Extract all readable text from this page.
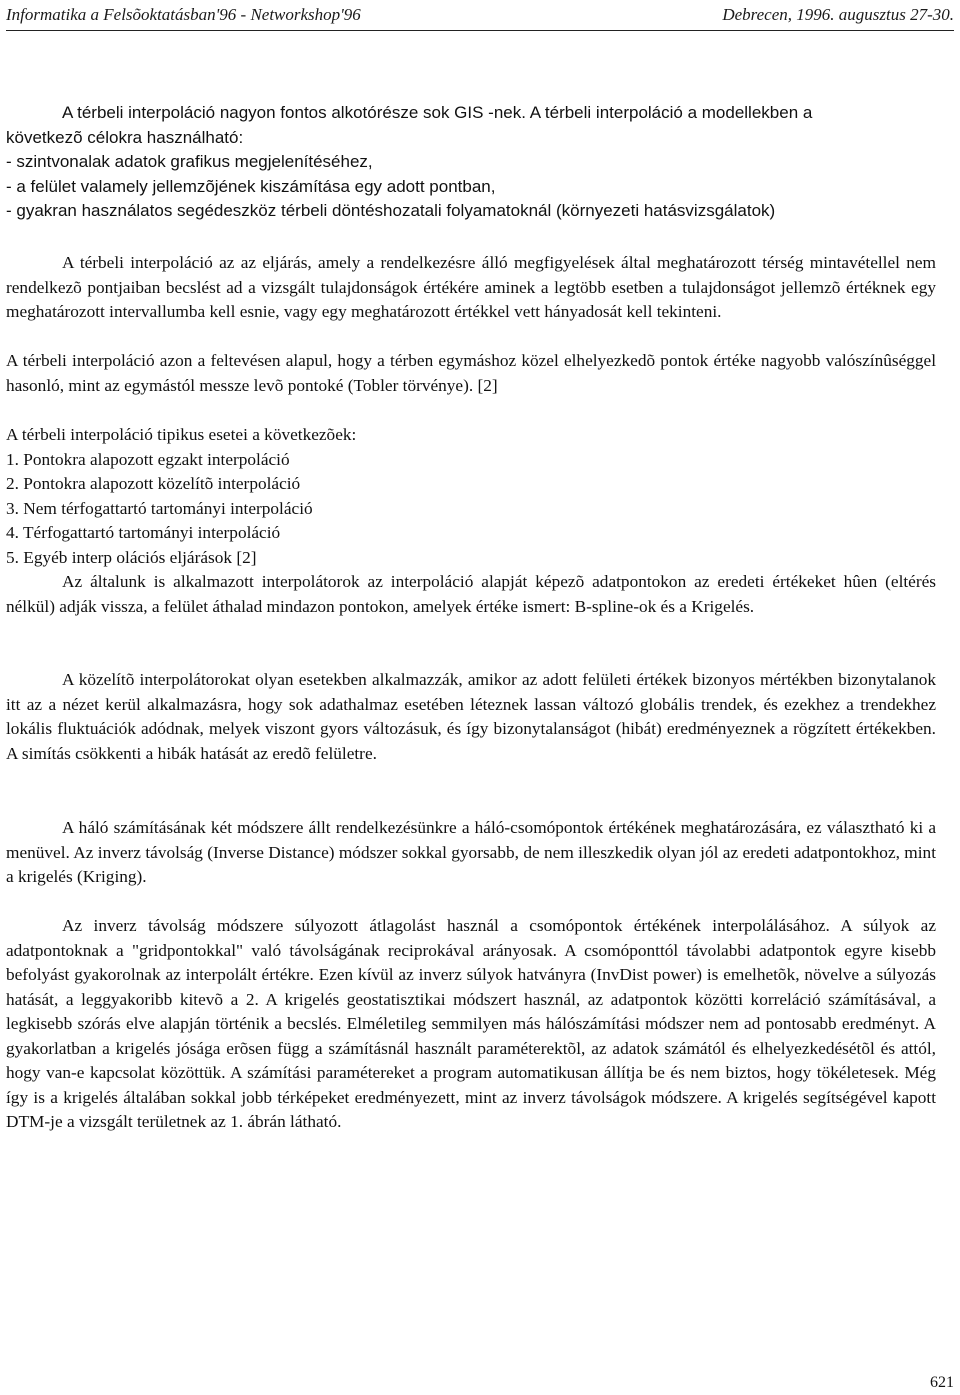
Informatika a Felsõoktatásban'96 - Networkshop'96	Debrecen, 1996. augusztus 27-30.
A térbeli interpoláció nagyon fontos alkotórésze sok GIS -nek. A térbeli interpoláció a modellekben a
következõ célokra használható:
- szintvonalak adatok grafikus megjelenítéséhez,
- a felület valamely jellemzõjének kiszámítása egy adott pontban,
- gyakran használatos segédeszköz térbeli döntéshozatali folyamatoknál (környezeti hatásvizsgálatok)
A térbeli interpoláció az az eljárás, amely a rendelkezésre álló megfigyelések által meghatározott térség mintavétellel nem rendelkezõ pontjaiban becslést ad a vizsgált tulajdonságok értékére aminek a legtöbb esetben a tulajdonságot jellemzõ értéknek egy meghatározott intervallumba kell esnie, vagy egy meghatározott értékkel vett hányadosát kell tekinteni.
A térbeli interpoláció azon a feltevésen alapul, hogy a térben egymáshoz közel elhelyezkedõ pontok értéke nagyobb valószínûséggel hasonló, mint az egymástól messze levõ pontoké (Tobler törvénye). [2]
A térbeli interpoláció tipikus esetei a következõek:
1. Pontokra alapozott egzakt interpoláció
2. Pontokra alapozott közelítõ interpoláció
3. Nem térfogattartó tartományi interpoláció
4. Térfogattartó tartományi interpoláció
5. Egyéb interp olációs eljárások [2]
Az általunk is alkalmazott interpolátorok az interpoláció alapját képezõ adatpontokon az eredeti értékeket hûen (eltérés nélkül) adják vissza, a felület áthalad mindazon pontokon, amelyek értéke ismert: B-spline-ok és a Krigelés.
A közelítõ interpolátorokat olyan esetekben alkalmazzák, amikor az adott felületi értékek bizonyos mértékben bizonytalanok itt az a nézet kerül alkalmazásra, hogy sok adathalmaz esetében léteznek lassan változó globális trendek, és ezekhez a trendekhez lokális fluktuációk adódnak, melyek viszont gyors változásuk, és így bizonytalanságot (hibát) eredményeznek a rögzített értékekben. A simítás csökkenti a hibák hatását az eredõ felületre.
A háló számításának két módszere állt rendelkezésünkre a háló-csomópontok értékének meghatározására, ez választható ki a menüvel. Az inverz távolság (Inverse Distance) módszer sokkal gyorsabb, de nem illeszkedik olyan jól az eredeti adatpontokhoz, mint a krigelés (Kriging).
Az inverz távolság módszere súlyozott átlagolást használ a csomópontok értékének interpolálásához. A súlyok az adatpontoknak a "gridpontokkal" való távolságának reciprokával arányosak. A csomóponttól távolabbi adatpontok egyre kisebb befolyást gyakorolnak az interpolált értékre. Ezen kívül az inverz súlyok hatványra (InvDist power) is emelhetõk, növelve a súlyozás hatását, a leggyakoribb kitevõ a 2. A krigelés geostatisztikai módszert használ, az adatpontok közötti korreláció számításával, a legkisebb szórás elve alapján történik a becslés. Elméletileg semmilyen más hálószámítási módszer nem ad pontosabb eredményt. A gyakorlatban a krigelés jósága erõsen függ a számításnál használt paraméterektõl, az adatok számától és elhelyezkedésétõl és attól, hogy van-e kapcsolat közöttük. A számítási paramétereket a program automatikusan állítja be és nem biztos, hogy tökéletesek. Még így is a krigelés általában sokkal jobb térképeket eredményezett, mint az inverz távolságok módszere. A krigelés segítségével kapott DTM-je a vizsgált területnek az 1. ábrán látható.
621
